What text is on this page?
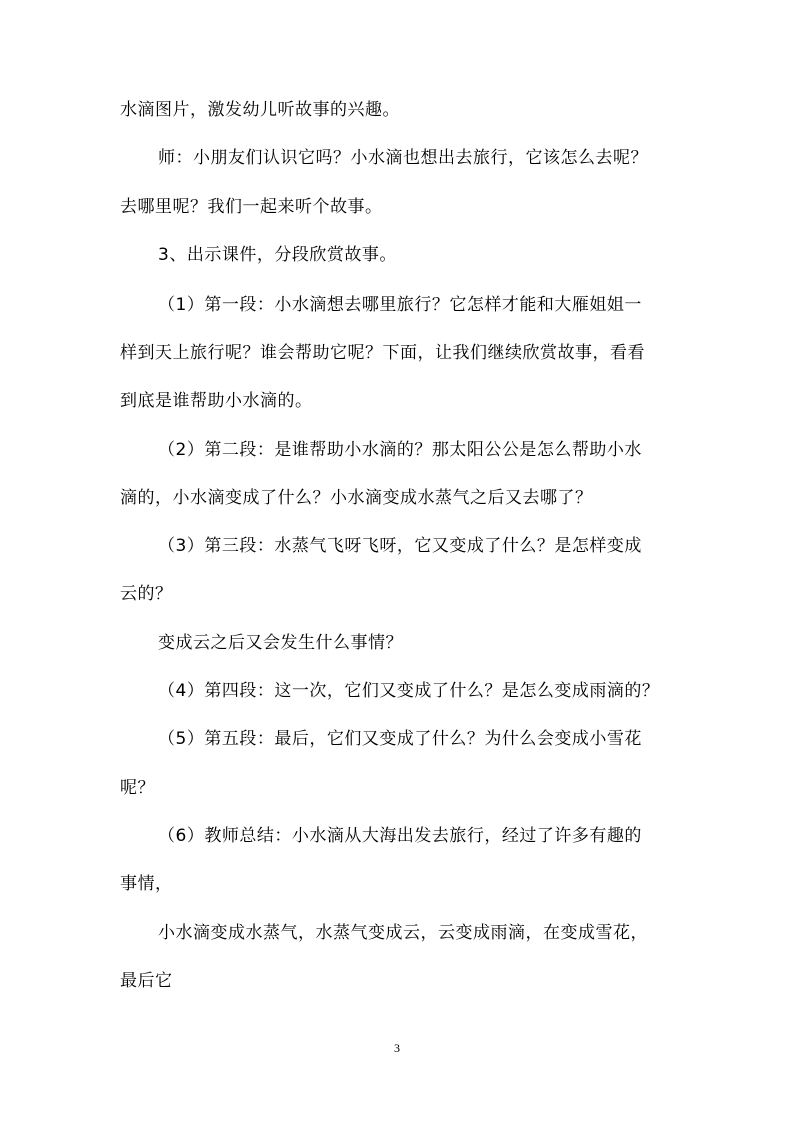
水滴图片，激发幼儿听故事的兴趣。
师：小朋友们认识它吗？小水滴也想出去旅行，它该怎么去呢？
去哪里呢？我们一起来听个故事。
3、出示课件，分段欣赏故事。
（1）第一段：小水滴想去哪里旅行？它怎样才能和大雁姐姐一
样到天上旅行呢？谁会帮助它呢？下面，让我们继续欣赏故事，看看
到底是谁帮助小水滴的。
（2）第二段：是谁帮助小水滴的？那太阳公公是怎么帮助小水
滴的，小水滴变成了什么？小水滴变成水蒸气之后又去哪了？
（3）第三段：水蒸气飞呀飞呀，它又变成了什么？是怎样变成
云的？
变成云之后又会发生什么事情？
（4）第四段：这一次，它们又变成了什么？是怎么变成雨滴的？
（5）第五段：最后，它们又变成了什么？为什么会变成小雪花
呢？
（6）教师总结：小水滴从大海出发去旅行，经过了许多有趣的
事情，
小水滴变成水蒸气，水蒸气变成云，云变成雨滴，在变成雪花，
最后它
3
